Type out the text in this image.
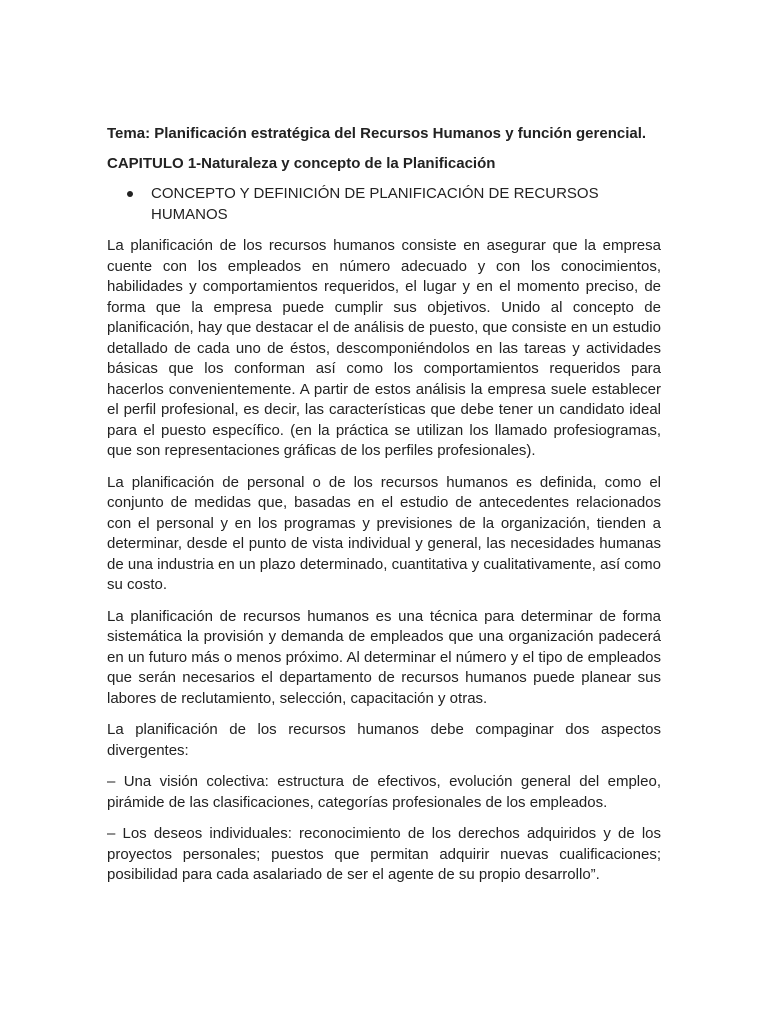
Tema: Planificación estratégica del Recursos Humanos y función gerencial.
CAPITULO 1-Naturaleza y concepto de la Planificación
CONCEPTO Y DEFINICIÓN DE PLANIFICACIÓN DE RECURSOS HUMANOS

La planificación de los recursos humanos consiste en asegurar que la empresa cuente con los empleados en número adecuado y con los conocimientos, habilidades y comportamientos requeridos, el lugar y en el momento preciso, de forma que la empresa puede cumplir sus objetivos. Unido al concepto de planificación, hay que destacar el de análisis de puesto, que consiste en un estudio detallado de cada uno de éstos, descomponiéndolos en las tareas y actividades básicas que los conforman así como los comportamientos requeridos para hacerlos convenientemente. A partir de estos análisis la empresa suele establecer el perfil profesional, es decir, las características que debe tener un candidato ideal para el puesto específico. (en la práctica se utilizan los llamado profesiogramas, que son representaciones gráficas de los perfiles profesionales).

La planificación de personal o de los recursos humanos es definida, como el conjunto de medidas que, basadas en el estudio de antecedentes relacionados con el personal y en los programas y previsiones de la organización, tienden a determinar, desde el punto de vista individual y general, las necesidades humanas de una industria en un plazo determinado, cuantitativa y cualitativamente, así como su costo.

La planificación de recursos humanos es una técnica para determinar de forma sistemática la provisión y demanda de empleados que una organización padecerá en un futuro más o menos próximo. Al determinar el número y el tipo de empleados que serán necesarios el departamento de recursos humanos puede planear sus labores de reclutamiento, selección, capacitación y otras.

La planificación de los recursos humanos debe compaginar dos aspectos divergentes:

– Una visión colectiva: estructura de efectivos, evolución general del empleo, pirámide de las clasificaciones, categorías profesionales de los empleados.

– Los deseos individuales: reconocimiento de los derechos adquiridos y de los proyectos personales; puestos que permitan adquirir nuevas cualificaciones; posibilidad para cada asalariado de ser el agente de su propio desarrollo”.
